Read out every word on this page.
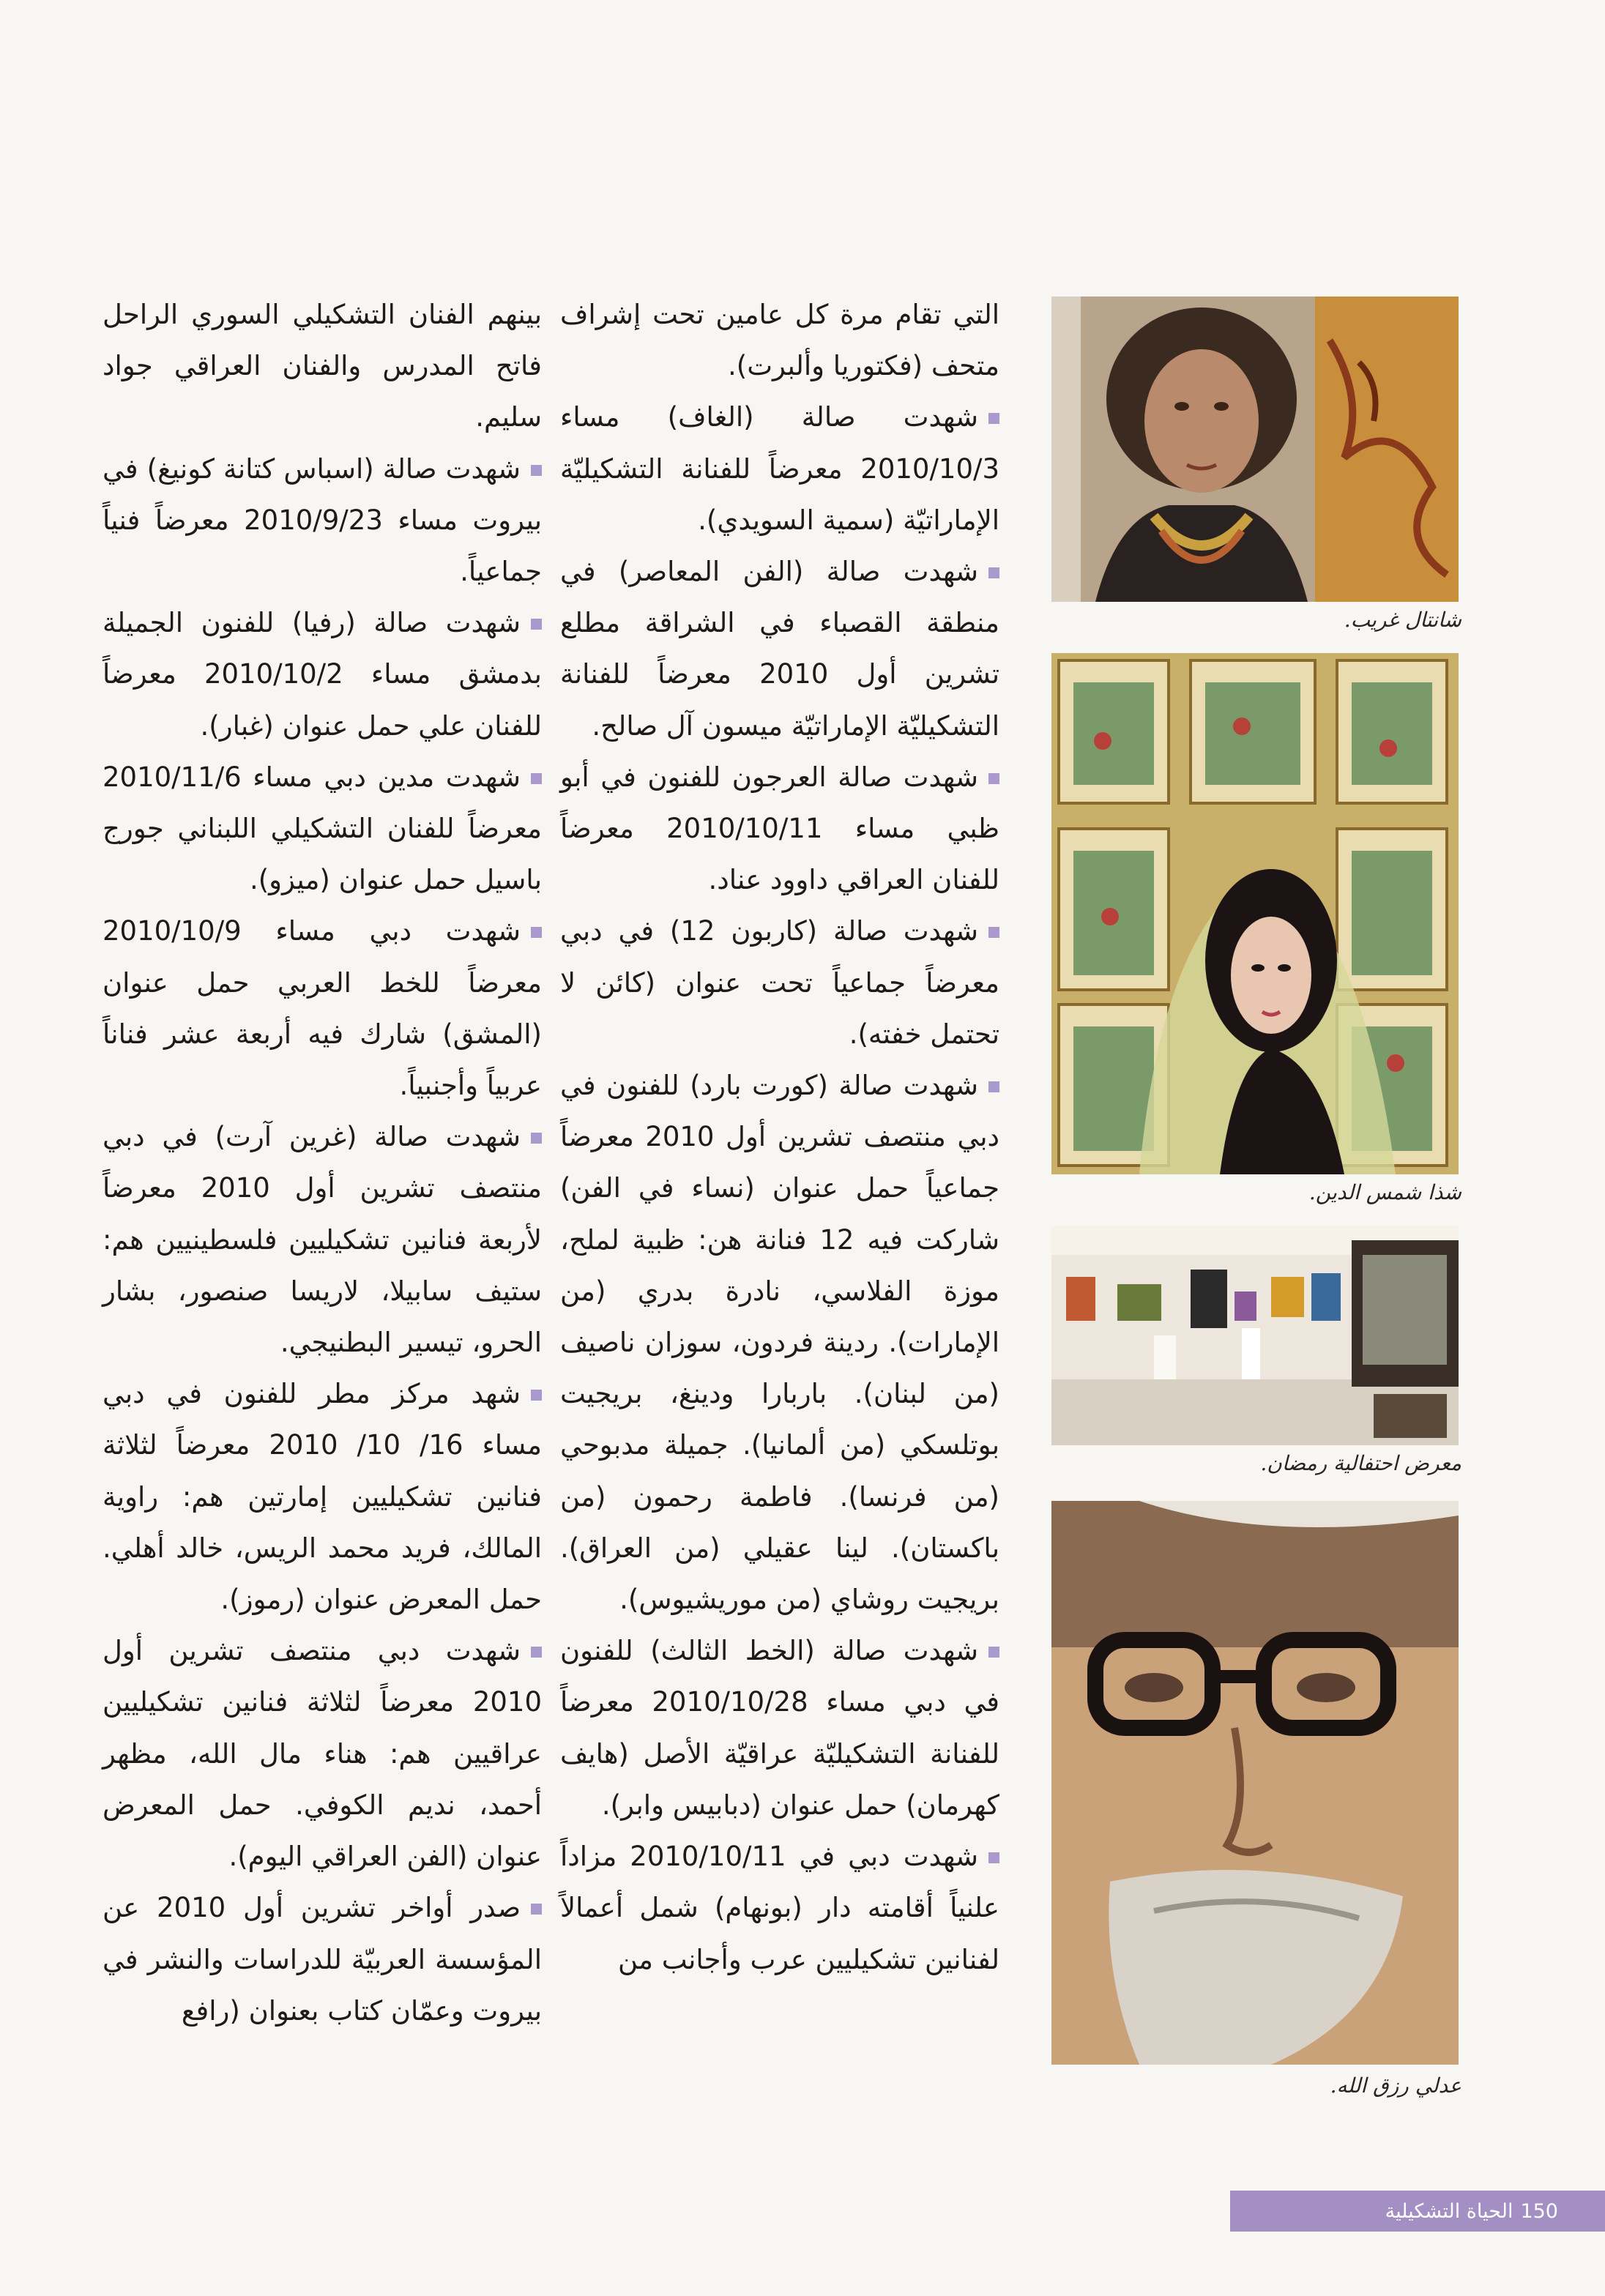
التي تقام مرة كل عامين تحت إشراف متحف (فكتوريا وألبرت).

شهدت صالة (الغاف) مساء 2010/10/3 معرضاً للفنانة التشكيليّة الإماراتيّة (سمية السويدي).

شهدت صالة (الفن المعاصر) في منطقة القصباء في الشراقة مطلع تشرين أول 2010 معرضاً للفنانة التشكيليّة الإماراتيّة ميسون آل صالح.

شهدت صالة العرجون للفنون في أبو ظبي مساء 2010/10/11 معرضاً للفنان العراقي داوود عناد.

شهدت صالة (كاربون 12) في دبي معرضاً جماعياً تحت عنوان (كائن لا تحتمل خفته).

شهدت صالة (كورت بارد) للفنون في دبي منتصف تشرين أول 2010 معرضاً جماعياً حمل عنوان (نساء في الفن) شاركت فيه 12 فنانة هن: ظبية لملح، موزة الفلاسي، نادرة بدري (من الإمارات). ردينة فردون، سوزان ناصيف (من لبنان). باربارا ودينغ، بريجيت بوتلسكي (من ألمانيا). جميلة مدبوحي (من فرنسا). فاطمة رحمون (من باكستان). لينا عقيلي (من العراق). بريجيت روشاي (من موريشيوس).

شهدت صالة (الخط الثالث) للفنون في دبي مساء 2010/10/28 معرضاً للفنانة التشكيليّة عراقيّة الأصل (هايف كهرمان) حمل عنوان (دبابيس وابر).

شهدت دبي في 2010/10/11 مزاداً علنياً أقامته دار (بونهام) شمل أعمالاً لفنانين تشكيليين عرب وأجانب من

بينهم الفنان التشكيلي السوري الراحل فاتح المدرس والفنان العراقي جواد سليم.

شهدت صالة (اسباس كتانة كونيغ) في بيروت مساء 2010/9/23 معرضاً فنياً جماعياً.

شهدت صالة (رفيا) للفنون الجميلة بدمشق مساء 2010/10/2 معرضاً للفنان علي حمل عنوان (غبار).

شهدت مدين دبي مساء 2010/11/6 معرضاً للفنان التشكيلي اللبناني جورج باسيل حمل عنوان (ميزو).

شهدت دبي مساء 2010/10/9 معرضاً للخط العربي حمل عنوان (المشق) شارك فيه أربعة عشر فناناً عربياً وأجنبياً.

شهدت صالة (غرين آرت) في دبي منتصف تشرين أول 2010 معرضاً لأربعة فنانين تشكيليين فلسطينيين هم: ستيف سابيلا، لاريسا صنصور، بشار الحرو، تيسير البطنيجي.

شهد مركز مطر للفنون في دبي مساء 16/ 10/ 2010 معرضاً لثلاثة فنانين تشكيليين إمارتين هم: راوية المالك، فريد محمد الريس، خالد أهلي. حمل المعرض عنوان (رموز).

شهدت دبي منتصف تشرين أول 2010 معرضاً لثلاثة فنانين تشكيليين عراقيين هم: هناء مال الله، مظهر أحمد، نديم الكوفي. حمل المعرض عنوان (الفن العراقي اليوم).

صدر أواخر تشرين أول 2010 عن المؤسسة العربيّة للدراسات والنشر في بيروت وعمّان كتاب بعنوان (رافع

شانتال غريب.
شذا شمس الدين.
معرض احتفالية رمضان.
عدلي رزق الله.
150
الحياة التشكيلية
